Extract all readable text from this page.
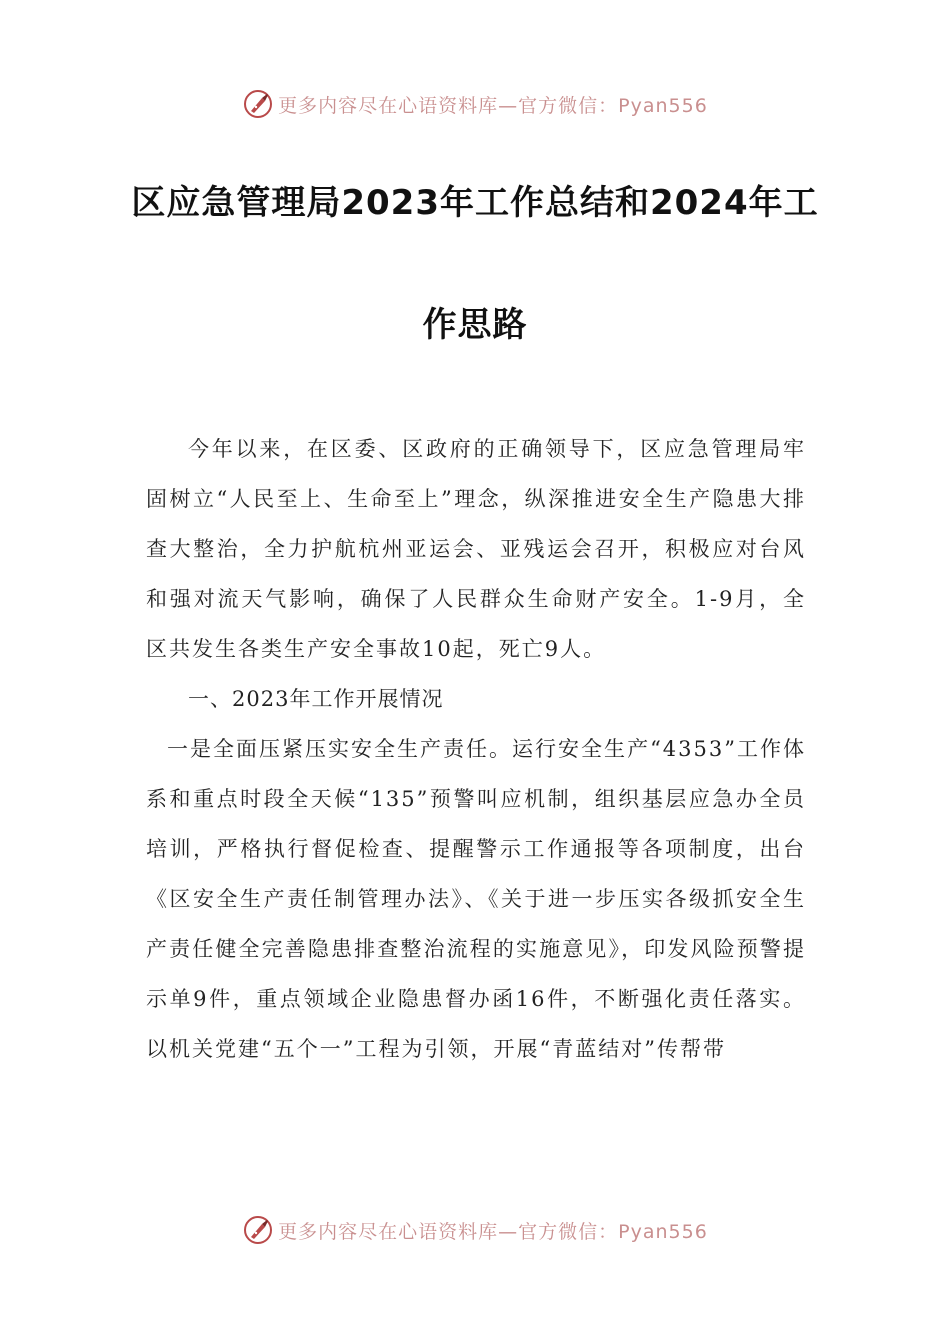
更多内容尽在心语资料库—官方微信：Pyan556
区应急管理局2023年工作总结和2024年工
作思路

今年以来，在区委、区政府的正确领导下，区应急管理局牢固树立“人民至上、生命至上”理念，纵深推进安全生产隐患大排查大整治，全力护航杭州亚运会、亚残运会召开，积极应对台风和强对流天气影响，确保了人民群众生命财产安全。1-9月，全区共发生各类生产安全事故10起，死亡9人。

一、2023年工作开展情况

一是全面压紧压实安全生产责任。运行安全生产“4353”工作体系和重点时段全天候“135”预警叫应机制，组织基层应急办全员培训，严格执行督促检查、提醒警示工作通报等各项制度，出台《区安全生产责任制管理办法》、《关于进一步压实各级抓安全生产责任健全完善隐患排查整治流程的实施意见》，印发风险预警提示单9件，重点领域企业隐患督办函16件，不断强化责任落实。以机关党建“五个一”工程为引领，开展“青蓝结对”传帮带

更多内容尽在心语资料库—官方微信：Pyan556
